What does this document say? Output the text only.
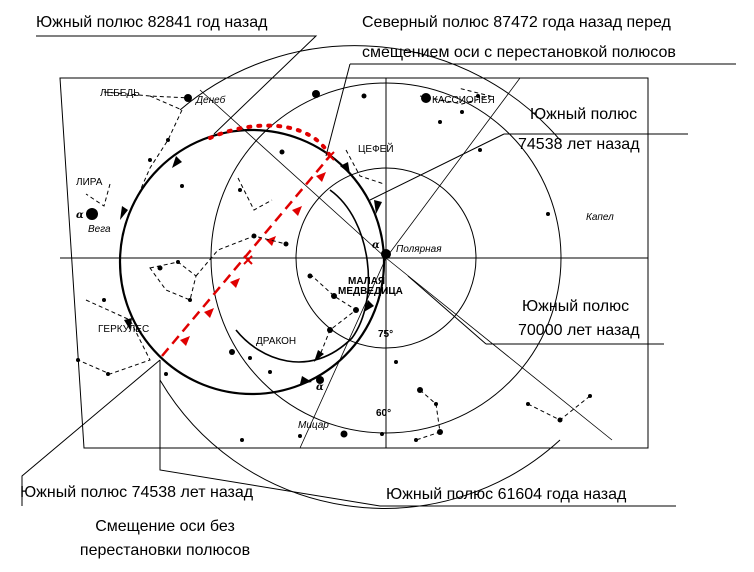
ЛЕБЕДЬ
Денеб	КАССИОПЕЯ
ЦЕФЕЙ
ЛИРА
Вега
Капел
Полярная
МАЛАЯ
МЕДВЕДИЦА
ГЕРКУЛЕС
ДРАКОН
Мицар
75°
60°
α
α
α
Южный полюс 82841 год назад	Северный полюс 87472 года назад перед
смещением оси с перестановкой полюсов
Южный полюс
74538 лет назад
Южный полюс
70000 лет назад
Южный полюс 74538 лет назад	Южный полюс 61604 года назад
Смещение оси без
перестановки полюсов
